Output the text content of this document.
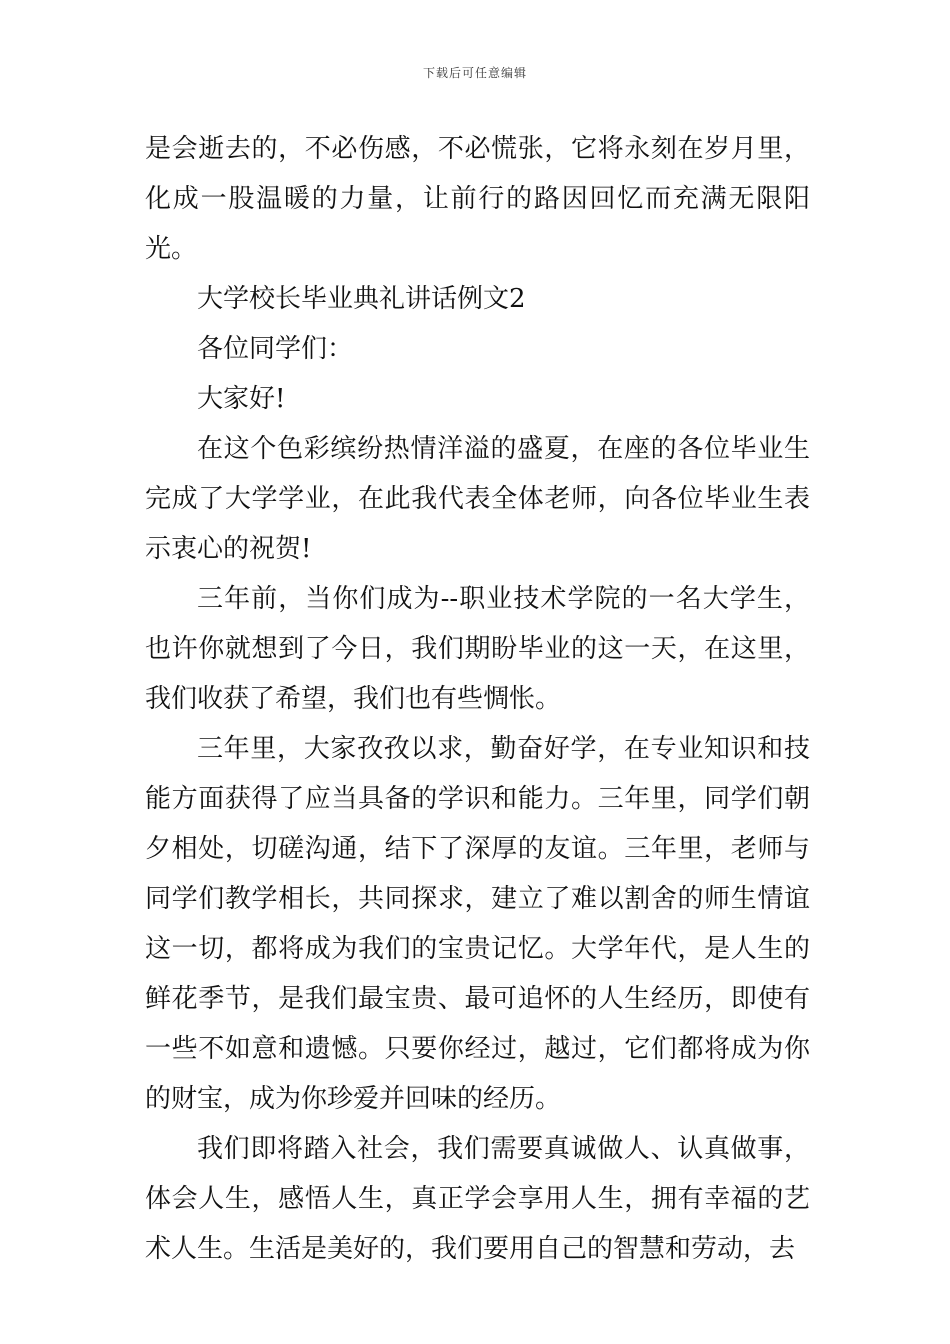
下载后可任意编辑

是会逝去的，不必伤感，不必慌张，它将永刻在岁月里，化成一股温暖的力量，让前行的路因回忆而充满无限阳光。

大学校长毕业典礼讲话例文2

各位同学们：

大家好!

在这个色彩缤纷热情洋溢的盛夏，在座的各位毕业生完成了大学学业，在此我代表全体老师，向各位毕业生表示衷心的祝贺!

三年前，当你们成为--职业技术学院的一名大学生，也许你就想到了今日，我们期盼毕业的这一天，在这里，我们收获了希望，我们也有些惆怅。

三年里，大家孜孜以求，勤奋好学，在专业知识和技能方面获得了应当具备的学识和能力。三年里，同学们朝夕相处，切磋沟通，结下了深厚的友谊。三年里，老师与同学们教学相长，共同探求，建立了难以割舍的师生情谊这一切，都将成为我们的宝贵记忆。大学年代，是人生的鲜花季节，是我们最宝贵、最可追怀的人生经历，即使有一些不如意和遗憾。只要你经过，越过，它们都将成为你的财宝，成为你珍爱并回味的经历。

我们即将踏入社会，我们需要真诚做人、认真做事，体会人生，感悟人生，真正学会享用人生，拥有幸福的艺术人生。生活是美好的，我们要用自己的智慧和劳动，去
